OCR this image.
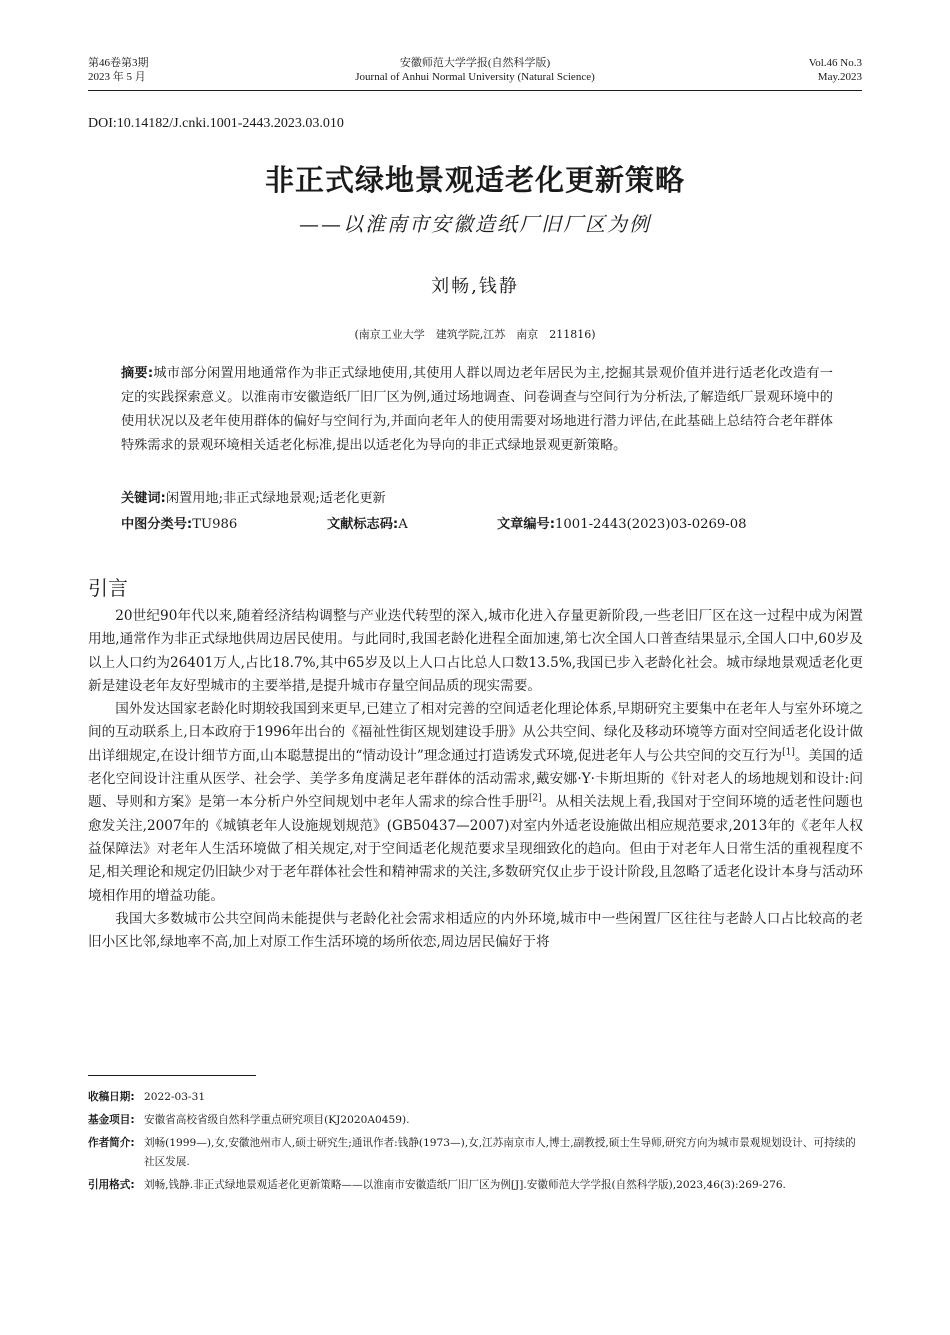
第46卷第3期
2023 年 5 月
安徽师范大学学报(自然科学版)
Journal of Anhui Normal University (Natural Science)
Vol.46 No.3
May.2023
DOI:10.14182/J.cnki.1001-2443.2023.03.010
非正式绿地景观适老化更新策略
——以淮南市安徽造纸厂旧厂区为例
刘畅,钱静
(南京工业大学　建筑学院,江苏　南京　211816)
摘要:城市部分闲置用地通常作为非正式绿地使用,其使用人群以周边老年居民为主,挖掘其景观价值并进行适老化改造有一定的实践探索意义。以淮南市安徽造纸厂旧厂区为例,通过场地调查、问卷调查与空间行为分析法,了解造纸厂景观环境中的使用状况以及老年使用群体的偏好与空间行为,并面向老年人的使用需要对场地进行潜力评估,在此基础上总结符合老年群体特殊需求的景观环境相关适老化标准,提出以适老化为导向的非正式绿地景观更新策略。
关键词:闲置用地;非正式绿地景观;适老化更新
中图分类号:TU986	文献标志码:A	文章编号:1001-2443(2023)03-0269-08
引言

20世纪90年代以来,随着经济结构调整与产业迭代转型的深入,城市化进入存量更新阶段,一些老旧厂区在这一过程中成为闲置用地,通常作为非正式绿地供周边居民使用。与此同时,我国老龄化进程全面加速,第七次全国人口普查结果显示,全国人口中,60岁及以上人口约为26401万人,占比18.7%,其中65岁及以上人口占比总人口数13.5%,我国已步入老龄化社会。城市绿地景观适老化更新是建设老年友好型城市的主要举措,是提升城市存量空间品质的现实需要。

国外发达国家老龄化时期较我国到来更早,已建立了相对完善的空间适老化理论体系,早期研究主要集中在老年人与室外环境之间的互动联系上,日本政府于1996年出台的《福祉性街区规划建设手册》从公共空间、绿化及移动环境等方面对空间适老化设计做出详细规定,在设计细节方面,山本聪慧提出的“情动设计”理念通过打造诱发式环境,促进老年人与公共空间的交互行为[1]。美国的适老化空间设计注重从医学、社会学、美学多角度满足老年群体的活动需求,戴安娜·Y·卡斯坦斯的《针对老人的场地规划和设计:问题、导则和方案》是第一本分析户外空间规划中老年人需求的综合性手册[2]。从相关法规上看,我国对于空间环境的适老性问题也愈发关注,2007年的《城镇老年人设施规划规范》(GB50437—2007)对室内外适老设施做出相应规范要求,2013年的《老年人权益保障法》对老年人生活环境做了相关规定,对于空间适老化规范要求呈现细致化的趋向。但由于对老年人日常生活的重视程度不足,相关理论和规定仍旧缺少对于老年群体社会性和精神需求的关注,多数研究仅止步于设计阶段,且忽略了适老化设计本身与活动环境相作用的增益功能。

我国大多数城市公共空间尚未能提供与老龄化社会需求相适应的内外环境,城市中一些闲置厂区往往与老龄人口占比较高的老旧小区比邻,绿地率不高,加上对原工作生活环境的场所依恋,周边居民偏好于将

收稿日期: 2022-03-31
基金项目: 安徽省高校省级自然科学重点研究项目(KJ2020A0459).
作者简介: 刘畅(1999—),女,安徽池州市人,硕士研究生;通讯作者:钱静(1973—),女,江苏南京市人,博士,副教授,硕士生导师,研究方向为城市景观规划设计、可持续的社区发展.
引用格式: 刘畅,钱静.非正式绿地景观适老化更新策略——以淮南市安徽造纸厂旧厂区为例[J].安徽师范大学学报(自然科学版),2023,46(3):269-276.
